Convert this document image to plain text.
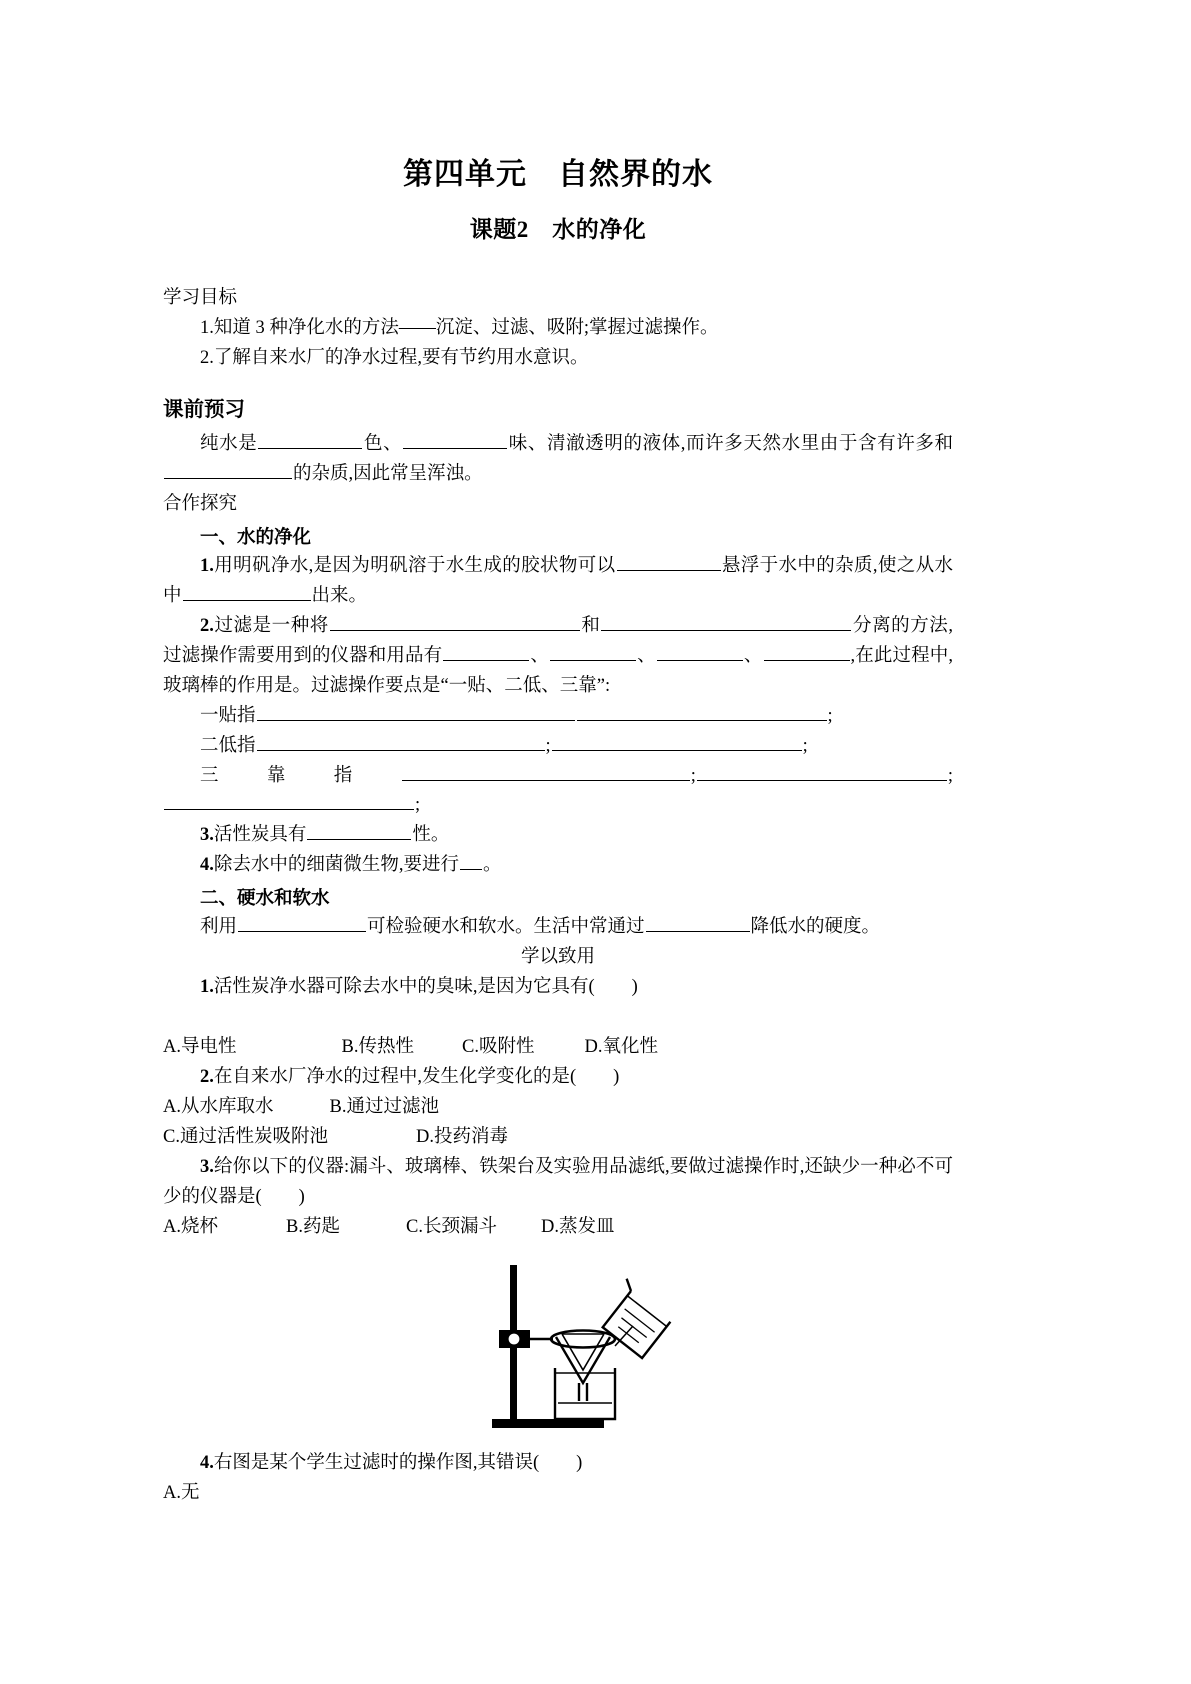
第四单元　自然界的水
课题2　水的净化

学习目标

1.知道 3 种净化水的方法——沉淀、过滤、吸附;掌握过滤操作。

2.了解自来水厂的净水过程,要有节约用水意识。

课前预习

纯水是	色、	味、清澈透明的液体,而许多天然水里由于含有许多和的杂质,因此常呈浑浊。

合作探究

一、水的净化

1.用明矾净水,是因为明矾溶于水生成的胶状物可以	悬浮于水中的杂质,使之从水中	出来。

2.过滤是一种将	和	分离的方法,过滤操作需要用到的仪器和用品有	、	、	、	,在此过程中,玻璃棒的作用是。过滤操作要点是“一贴、二低、三靠”:

一贴指	;

二低指	;	;

三靠指	;	;;

3.活性炭具有	性。

4.除去水中的细菌微生物,要进行 。

二、硬水和软水

利用	可检验硬水和软水。生活中常通过	降低水的硬度。

学以致用

1.活性炭净水器可除去水中的臭味,是因为它具有(　　)

A.导电性	B.传热性	C.吸附性	D.氧化性

2.在自来水厂净水的过程中,发生化学变化的是(　　)

A.从水库取水	B.通过过滤池

C.通过活性炭吸附池	D.投药消毒

3.给你以下的仪器:漏斗、玻璃棒、铁架台及实验用品滤纸,要做过滤操作时,还缺少一种必不可少的仪器是(　　)

A.烧杯	B.药匙	C.长颈漏斗 D.蒸发皿

4.右图是某个学生过滤时的操作图,其错误(　　)

A.无
